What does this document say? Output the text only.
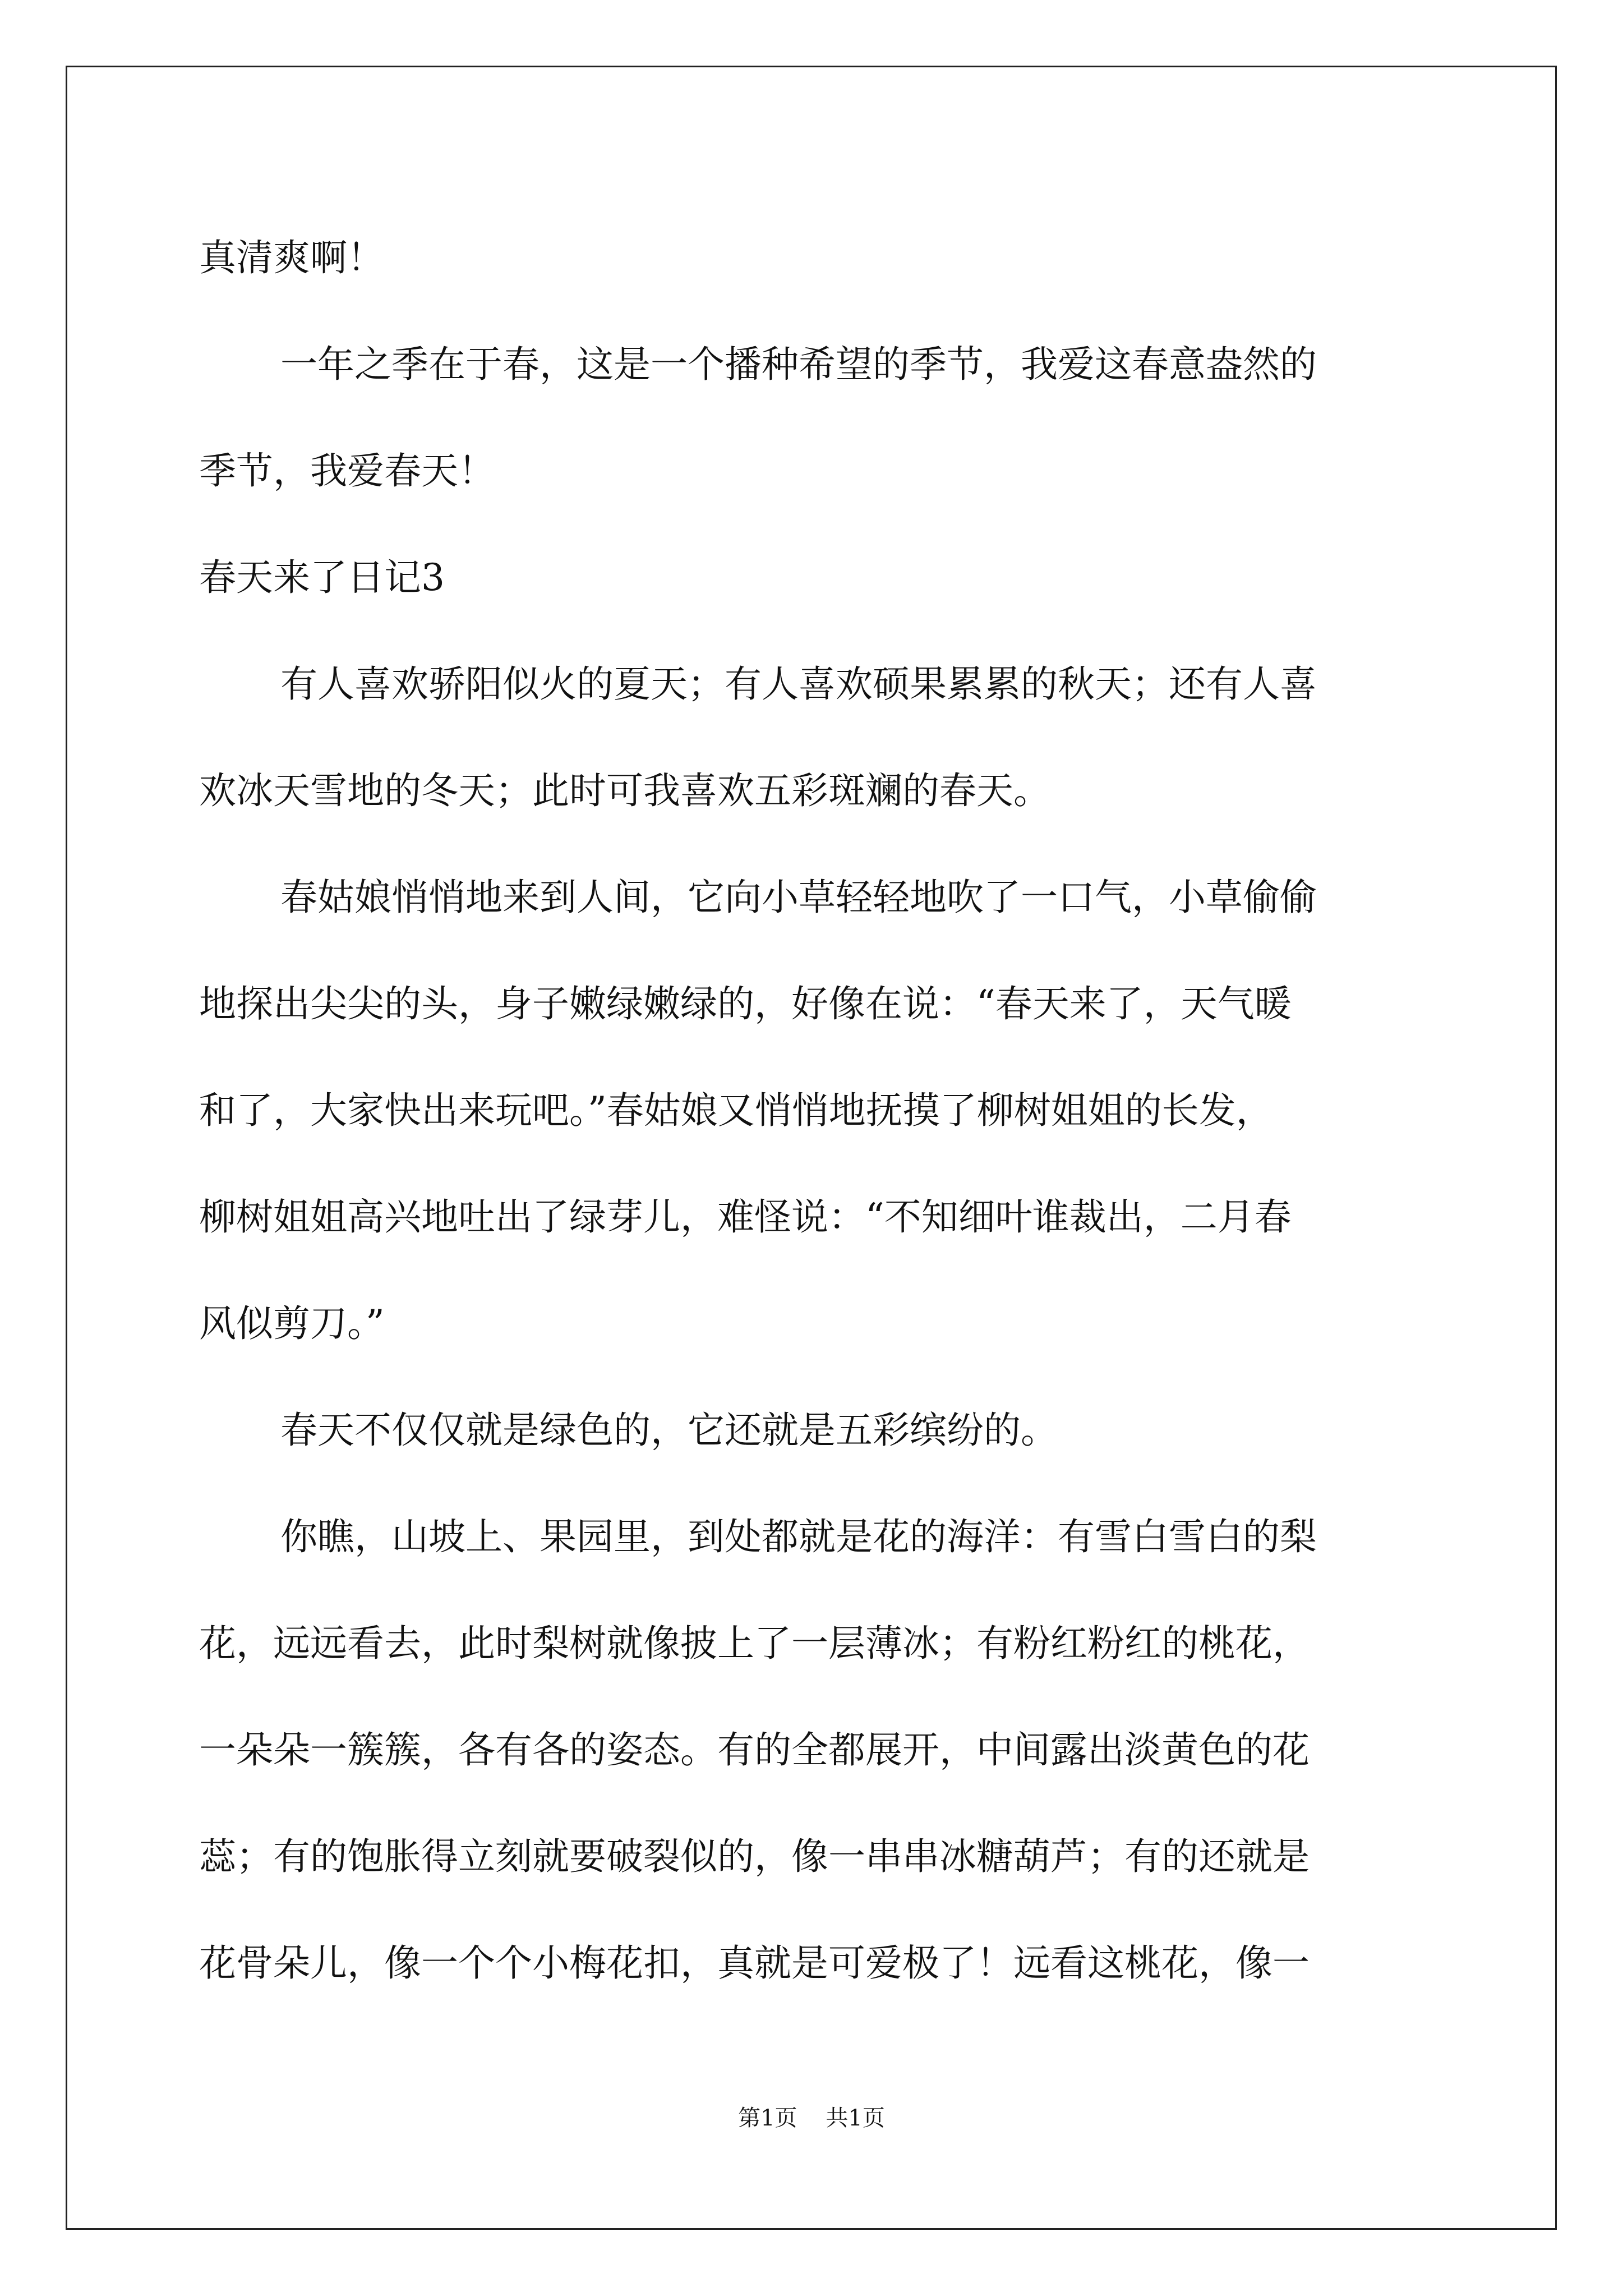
真清爽啊！
一年之季在于春，这是一个播种希望的季节，我爱这春意盎然的
季节，我爱春天！
春天来了日记3
有人喜欢骄阳似火的夏天；有人喜欢硕果累累的秋天；还有人喜
欢冰天雪地的冬天；此时可我喜欢五彩斑斓的春天。
春姑娘悄悄地来到人间，它向小草轻轻地吹了一口气，小草偷偷
地探出尖尖的头，身子嫩绿嫩绿的，好像在说：“春天来了，天气暖
和了，大家快出来玩吧。”春姑娘又悄悄地抚摸了柳树姐姐的长发，
柳树姐姐高兴地吐出了绿芽儿，难怪说：“不知细叶谁裁出，二月春
风似剪刀。”
春天不仅仅就是绿色的，它还就是五彩缤纷的。
你瞧，山坡上、果园里，到处都就是花的海洋：有雪白雪白的梨
花，远远看去，此时梨树就像披上了一层薄冰；有粉红粉红的桃花，
一朵朵一簇簇，各有各的姿态。有的全都展开，中间露出淡黄色的花
蕊；有的饱胀得立刻就要破裂似的，像一串串冰糖葫芦；有的还就是
花骨朵儿，像一个个小梅花扣，真就是可爱极了！远看这桃花，像一
第1页    共1页
